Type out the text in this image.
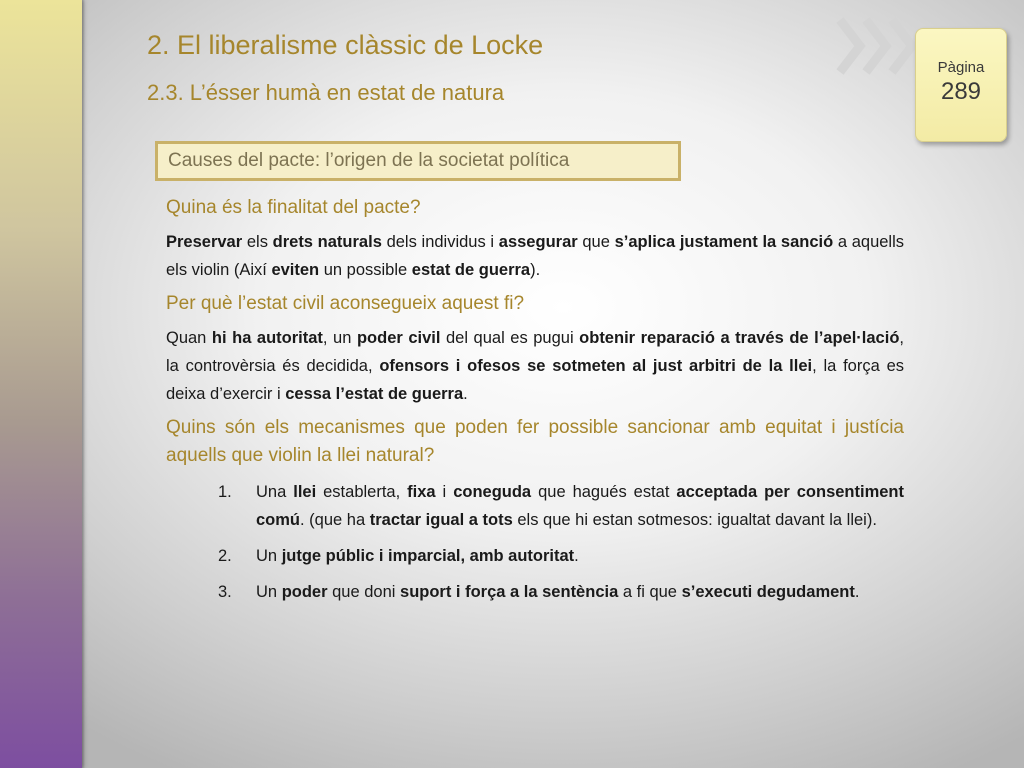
Pàgina
289
2. El liberalisme clàssic de Locke
2.3. L’ésser humà en estat de natura
Causes del pacte: l’origen de la societat política

Quina és la finalitat del pacte?

Preservar els drets naturals dels individus i assegurar que s’aplica justament la sanció a aquells els violin (Així eviten un possible estat de guerra).

Per què l’estat civil aconsegueix aquest fi?

Quan hi ha autoritat, un poder civil del qual es pugui obtenir reparació a través de l’apel·lació, la controvèrsia és decidida, ofensors i ofesos se sotmeten al just arbitri de la llei, la força es deixa d’exercir i cessa l’estat de guerra.

Quins són els mecanismes que poden fer possible sancionar amb equitat i justícia aquells que violin la llei natural?

1. Una llei establerta, fixa i coneguda que hagués estat acceptada per consentiment comú. (que ha tractar igual a tots els que hi estan sotmesos: igualtat davant la llei).
2. Un jutge públic i imparcial, amb autoritat.
3. Un poder que doni suport i força a la sentència a fi que s’executi degudament.
